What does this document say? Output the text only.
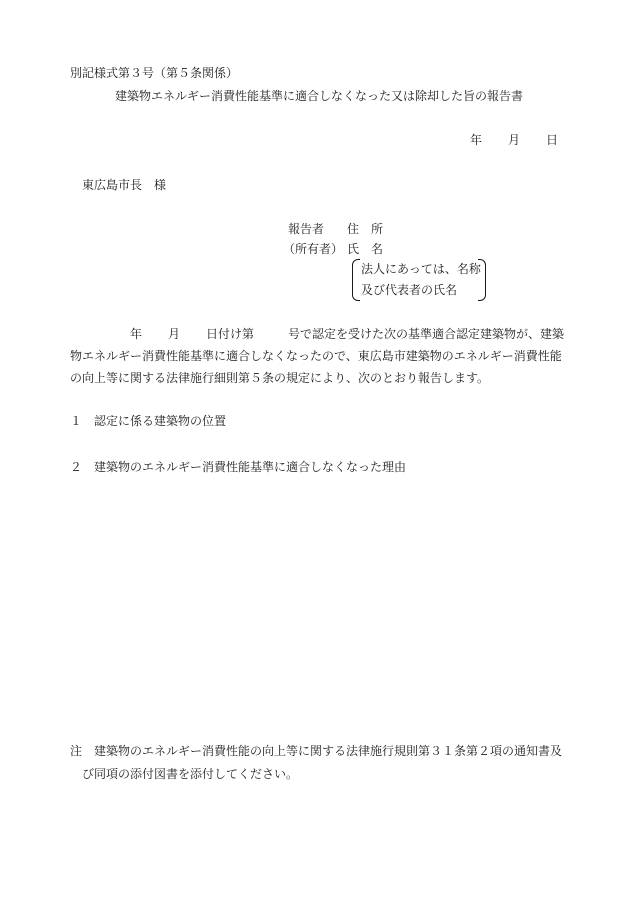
別記様式第３号（第５条関係）
建築物エネルギー消費性能基準に適合しなくなった又は除却した旨の報告書
年 月 日
東広島市長　様
報告者 住　所
（所有者） 氏　名
法人にあっては、名称
及び代表者の氏名
年 月 日付け第	号で認定を受けた次の基準適合認定建築物が、建築
物エネルギー消費性能基準に適合しなくなったので、東広島市建築物のエネルギー消費性能
の向上等に関する法律施行細則第５条の規定により、次のとおり報告します。
１ 認定に係る建築物の位置
２ 建築物のエネルギー消費性能基準に適合しなくなった理由
注 建築物のエネルギー消費性能の向上等に関する法律施行規則第３１条第２項の通知書及
び同項の添付図書を添付してください。
